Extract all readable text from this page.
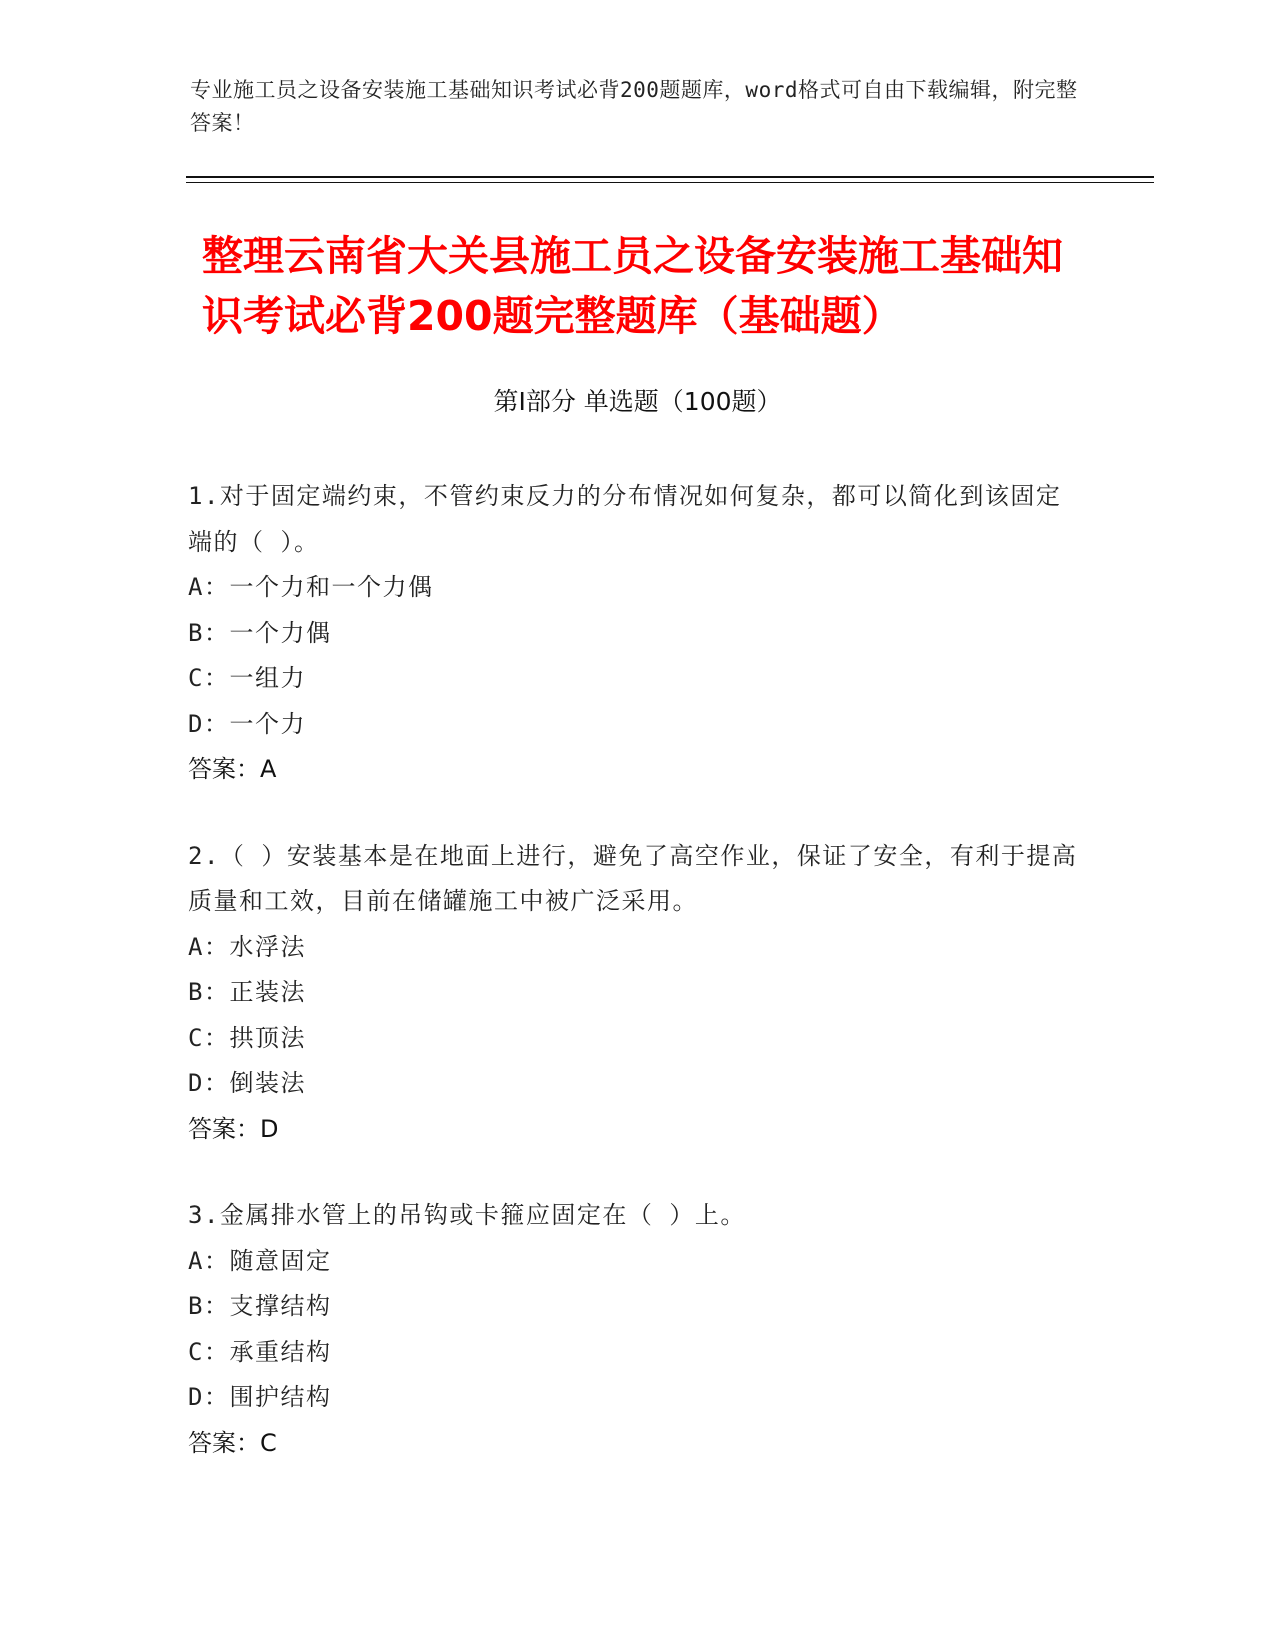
专业施工员之设备安装施工基础知识考试必背200题题库，word格式可自由下载编辑，附完整答案！
整理云南省大关县施工员之设备安装施工基础知识考试必背200题完整题库（基础题）
第Ⅰ部分 单选题（100题）
1.对于固定端约束，不管约束反力的分布情况如何复杂，都可以简化到该固定端的（ ）。
A：一个力和一个力偶
B：一个力偶
C：一组力
D：一个力
答案：A
2.（ ）安装基本是在地面上进行，避免了高空作业，保证了安全，有利于提高质量和工效，目前在储罐施工中被广泛采用。
A：水浮法
B：正装法
C：拱顶法
D：倒装法
答案：D
3.金属排水管上的吊钩或卡箍应固定在（ ）上。
A：随意固定
B：支撑结构
C：承重结构
D：围护结构
答案：C
